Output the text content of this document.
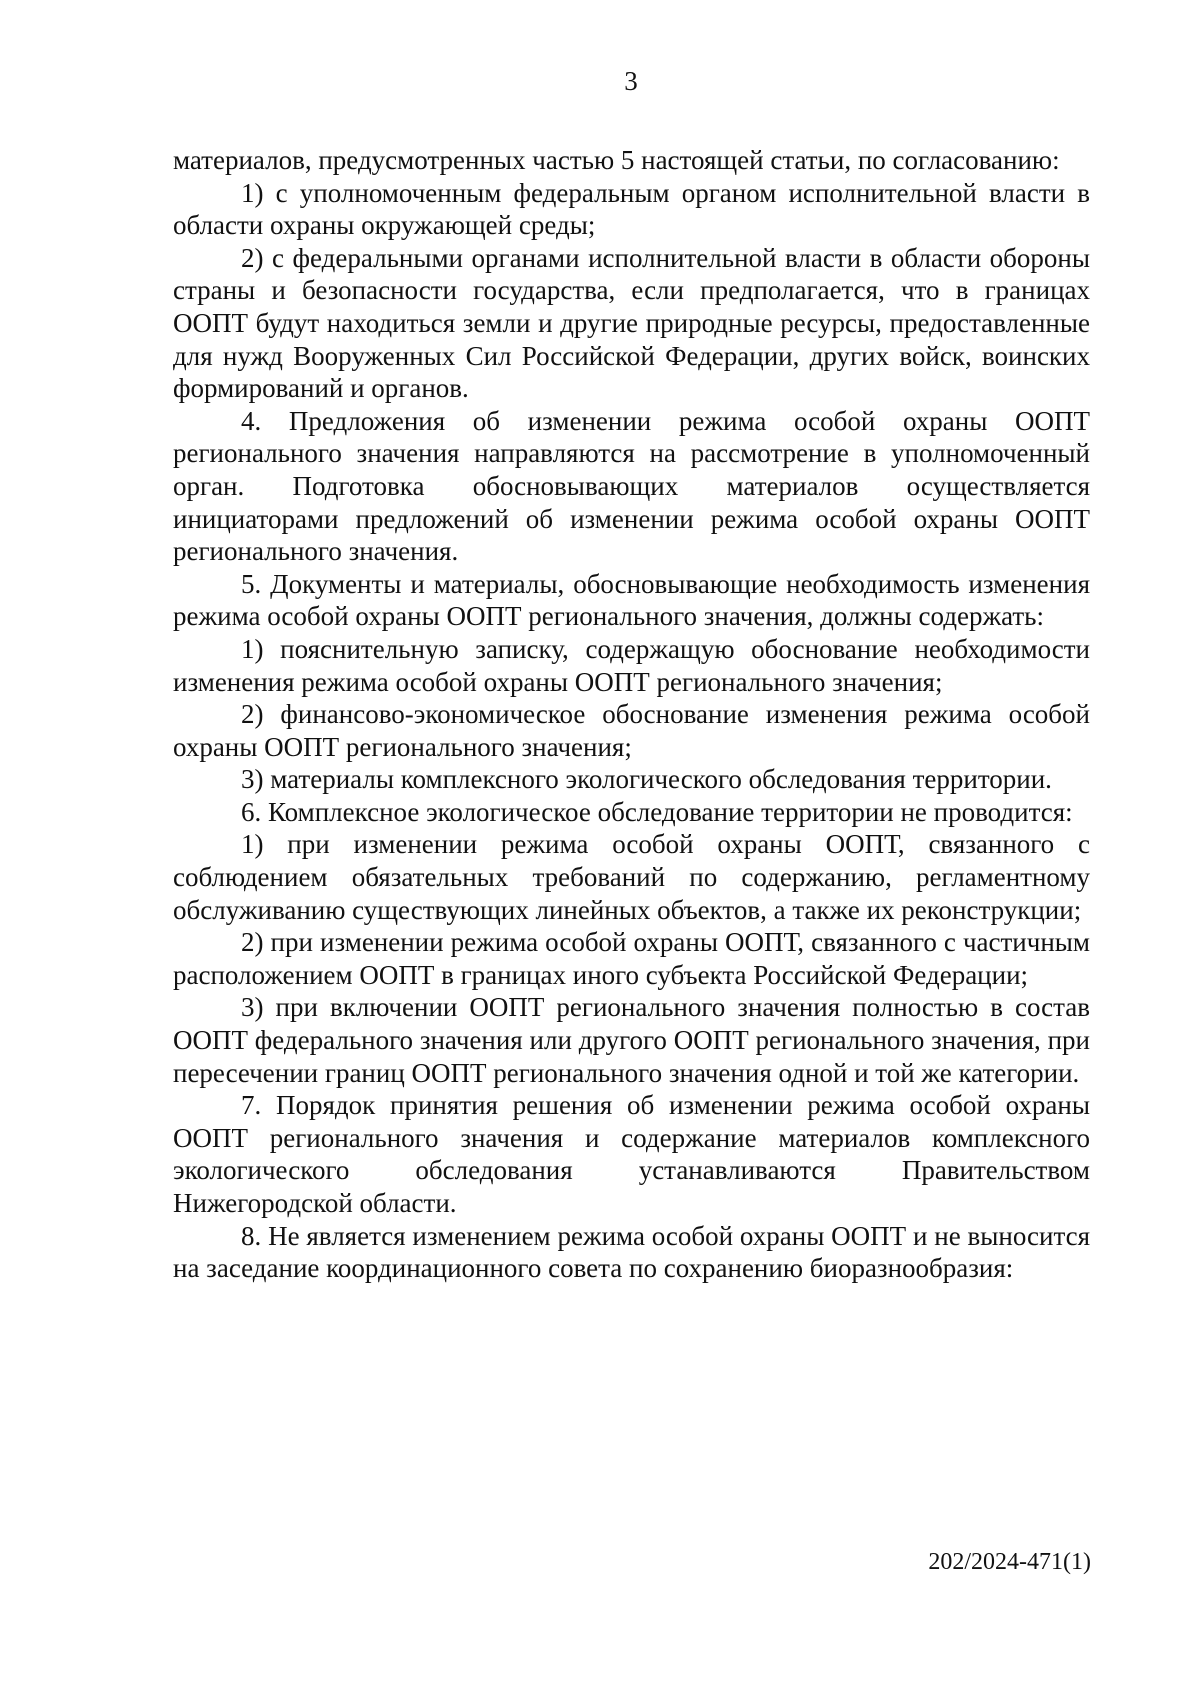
3

материалов, предусмотренных частью 5 настоящей статьи, по согласованию:

1) с уполномоченным федеральным органом исполнительной власти в области охраны окружающей среды;

2) с федеральными органами исполнительной власти в области обороны страны и безопасности государства, если предполагается, что в границах ООПТ будут находиться земли и другие природные ресурсы, предоставленные для нужд Вооруженных Сил Российской Федерации, других войск, воинских формирований и органов.

4. Предложения об изменении режима особой охраны ООПТ регионального значения направляются на рассмотрение в уполномоченный орган. Подготовка обосновывающих материалов осуществляется инициаторами предложений об изменении режима особой охраны ООПТ регионального значения.

5. Документы и материалы, обосновывающие необходимость изменения режима особой охраны ООПТ регионального значения, должны содержать:

1) пояснительную записку, содержащую обоснование необходимости изменения режима особой охраны ООПТ регионального значения;

2) финансово-экономическое обоснование изменения режима особой охраны ООПТ регионального значения;

3) материалы комплексного экологического обследования территории.

6. Комплексное экологическое обследование территории не проводится:

1) при изменении режима особой охраны ООПТ, связанного с соблюдением обязательных требований по содержанию, регламентному обслуживанию существующих линейных объектов, а также их реконструкции;

2) при изменении режима особой охраны ООПТ, связанного с частичным расположением ООПТ в границах иного субъекта Российской Федерации;

3) при включении ООПТ регионального значения полностью в состав ООПТ федерального значения или другого ООПТ регионального значения, при пересечении границ ООПТ регионального значения одной и той же категории.

7. Порядок принятия решения об изменении режима особой охраны ООПТ регионального значения и содержание материалов комплексного экологического обследования устанавливаются Правительством Нижегородской области.

8. Не является изменением режима особой охраны ООПТ и не выносится на заседание координационного совета по сохранению биоразнообразия:

202/2024-471(1)
